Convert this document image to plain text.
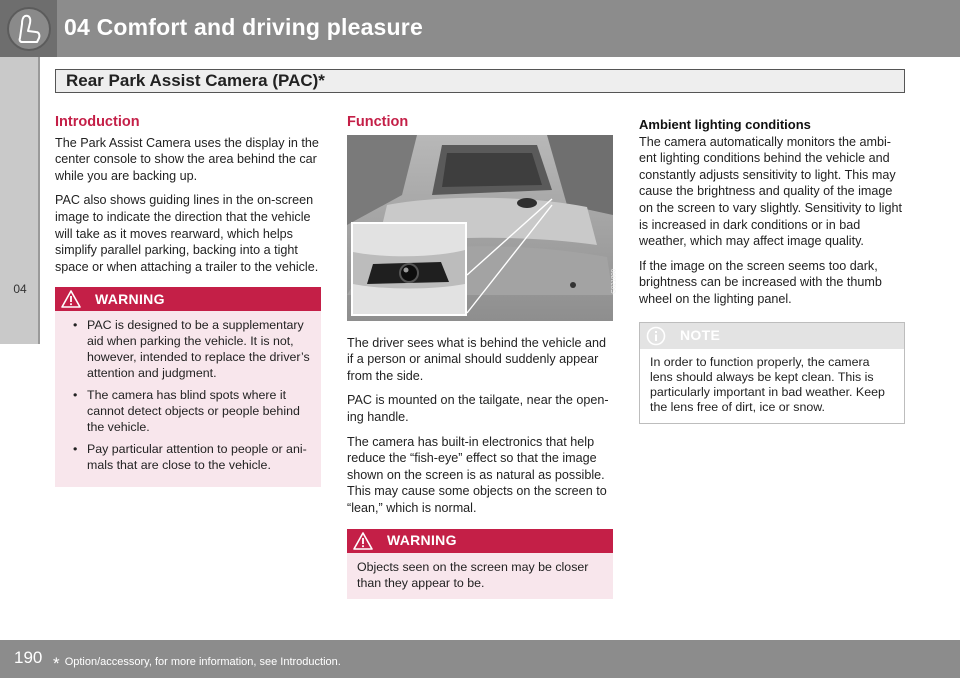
04 Comfort and driving pleasure
04
Rear Park Assist Camera (PAC)*
Introduction

The Park Assist Camera uses the display in the center console to show the area behind the car while you are backing up.

PAC also shows guiding lines in the on-screen image to indicate the direction that the vehicle will take as it moves rearward, which helps simplify parallel parking, backing into a tight space or when attaching a trailer to the vehicle.

WARNING
• PAC is designed to be a supplementary aid when parking the vehicle. It is not, however, intended to replace the driver’s attention and judgment.
• The camera has blind spots where it cannot detect objects or people behind the vehicle.
• Pay particular attention to people or ani-mals that are close to the vehicle.
Function
G021800

The driver sees what is behind the vehicle and if a person or animal should suddenly appear from the side.

PAC is mounted on the tailgate, near the open-ing handle.

The camera has built-in electronics that help reduce the “fish-eye” effect so that the image shown on the screen is as natural as possible. This may cause some objects on the screen to “lean,” which is normal.

WARNING

Objects seen on the screen may be closer than they appear to be.

Ambient lighting conditions

The camera automatically monitors the ambi-ent lighting conditions behind the vehicle and constantly adjusts sensitivity to light. This may cause the brightness and quality of the image on the screen to vary slightly. Sensitivity to light is increased in dark conditions or in bad weather, which may affect image quality.

If the image on the screen seems too dark, brightness can be increased with the thumb wheel on the lighting panel.

NOTE

In order to function properly, the camera lens should always be kept clean. This is particularly important in bad weather. Keep the lens free of dirt, ice or snow.

190 * Option/accessory, for more information, see Introduction.
